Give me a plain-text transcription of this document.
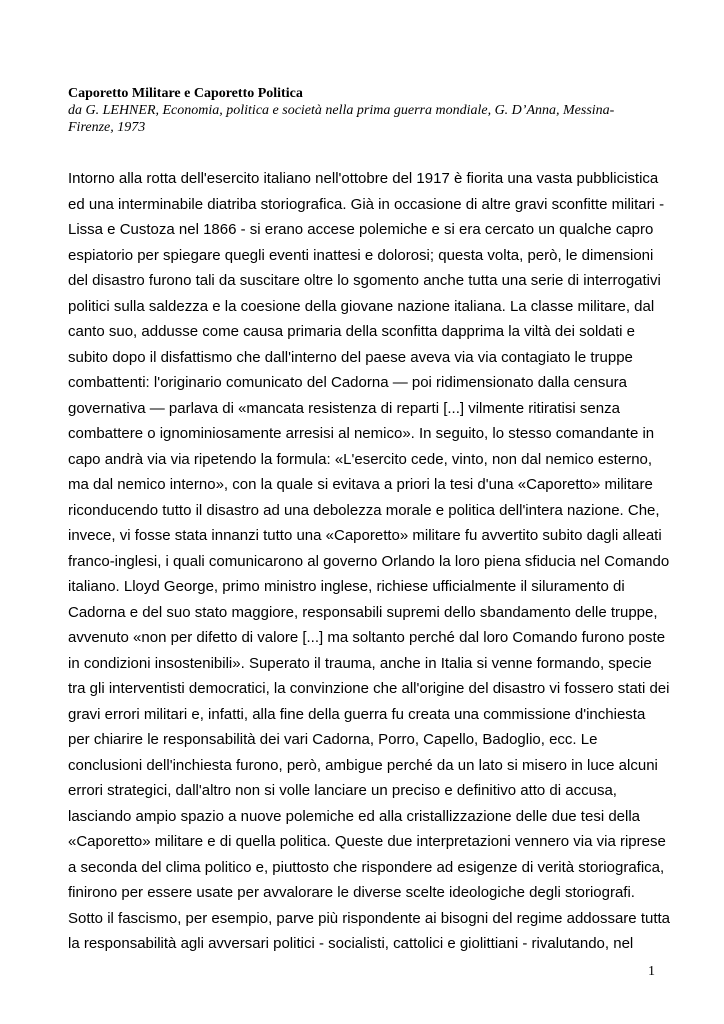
Caporetto Militare e Caporetto Politica
da G. LEHNER, Economia, politica e società nella prima guerra mondiale, G. D’Anna, Messina-
Firenze, 1973
Intorno alla rotta dell'esercito italiano nell'ottobre del 1917 è fiorita una vasta pubblicistica
ed una interminabile diatriba storiografica. Già in occasione di altre gravi sconfitte militari -
Lissa e Custoza nel 1866 - si erano accese polemiche e si era cercato un qualche capro
espiatorio per spiegare quegli eventi inattesi e dolorosi; questa volta, però, le dimensioni
del disastro furono tali da suscitare oltre lo sgomento anche tutta una serie di interrogativi
politici sulla saldezza e la coesione della giovane nazione italiana. La classe militare, dal
canto suo, addusse come causa primaria della sconfitta dapprima la viltà dei soldati e
subito dopo il disfattismo che dall'interno del paese aveva via via contagiato le truppe
combattenti: l'originario comunicato del Cadorna — poi ridimensionato dalla censura
governativa — parlava di «mancata resistenza di reparti [...] vilmente ritiratisi senza
combattere o ignominiosamente arresisi al nemico». In seguito, lo stesso comandante in
capo andrà via via ripetendo la formula: «L'esercito cede, vinto, non dal nemico esterno,
ma dal nemico interno», con la quale si evitava a priori la tesi d'una «Caporetto» militare
riconducendo tutto il disastro ad una debolezza morale e politica dell'intera nazione. Che,
invece, vi fosse stata innanzi tutto una «Caporetto» militare fu avvertito subito dagli alleati
franco-inglesi, i quali comunicarono al governo Orlando la loro piena sfiducia nel Comando
italiano. Lloyd George, primo ministro inglese, richiese ufficialmente il siluramento di
Cadorna e del suo stato maggiore, responsabili supremi dello sbandamento delle truppe,
avvenuto «non per difetto di valore [...] ma soltanto perché dal loro Comando furono poste
in condizioni insostenibili». Superato il trauma, anche in Italia si venne formando, specie
tra gli interventisti democratici, la convinzione che all'origine del disastro vi fossero stati dei
gravi errori militari e, infatti, alla fine della guerra fu creata una commissione d'inchiesta
per chiarire le responsabilità dei vari Cadorna, Porro, Capello, Badoglio, ecc. Le
conclusioni dell'inchiesta furono, però, ambigue perché da un lato si misero in luce alcuni
errori strategici, dall'altro non si volle lanciare un preciso e definitivo atto di accusa,
lasciando ampio spazio a nuove polemiche ed alla cristallizzazione delle due tesi della
«Caporetto» militare e di quella politica. Queste due interpretazioni vennero via via riprese
a seconda del clima politico e, piuttosto che rispondere ad esigenze di verità storiografica,
finirono per essere usate per avvalorare le diverse scelte ideologiche degli storiografi.
Sotto il fascismo, per esempio, parve più rispondente ai bisogni del regime addossare tutta
la responsabilità agli avversari politici - socialisti, cattolici e giolittiani - rivalutando, nel
1
